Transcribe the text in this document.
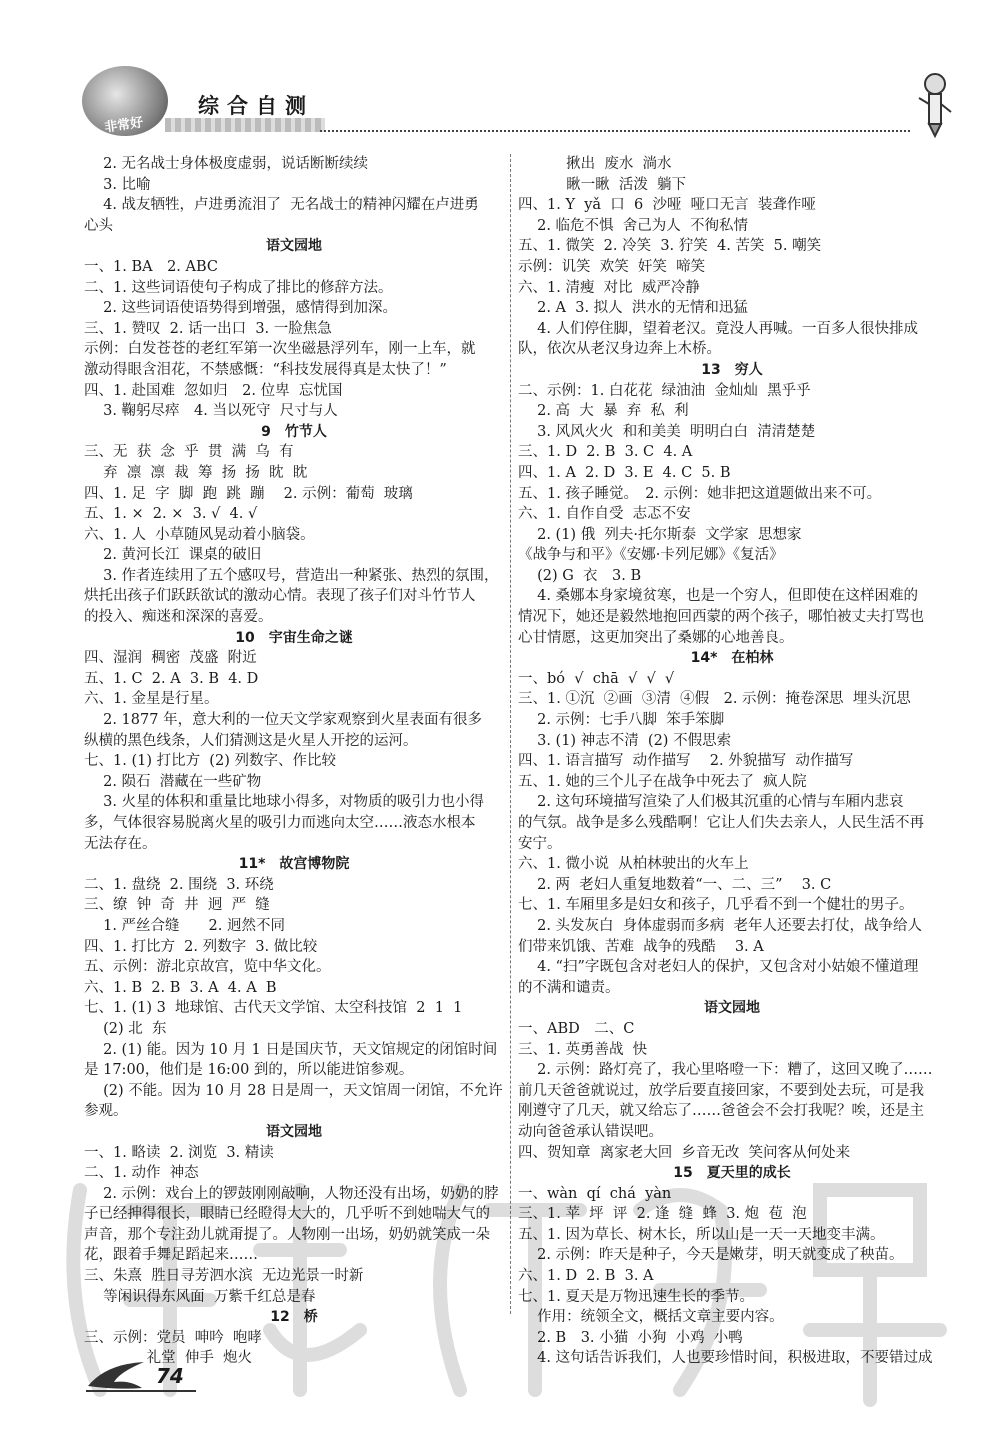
非常好
综合自测
　 2. 无名战士身体极度虚弱，说话断断续续
　 3. 比喻
　 4. 战友牺牲，卢进勇流泪了  无名战士的精神闪耀在卢进勇
心头
语文园地
一、1. BA　2. ABC
二、1. 这些词语使句子构成了排比的修辞方法。
　 2. 这些词语使语势得到增强，感情得到加深。
三、1. 赞叹  2. 话一出口  3. 一脸焦急
示例：白发苍苍的老红军第一次坐磁悬浮列车，刚一上车，就
激动得眼含泪花，不禁感慨：“科技发展得真是太快了！”
四、1. 赴国难  忽如归　2. 位卑  忘忧国
　 3. 鞠躬尽瘁　4. 当以死守  尺寸与人
9　竹节人
三、无  获  念  乎  贯  满  乌  有
　 弃  凛  凛  裁  筹  扬  扬  眈  眈
四、1. 足  字  脚  跑  跳  蹦　 2. 示例：葡萄  玻璃
五、1. ×  2. ×  3. √  4. √
六、1. 人  小草随风晃动着小脑袋。
　 2. 黄河长江  课桌的破旧
　 3. 作者连续用了五个感叹号，营造出一种紧张、热烈的氛围，
烘托出孩子们跃跃欲试的激动心情。表现了孩子们对斗竹节人
的投入、痴迷和深深的喜爱。
10　宇宙生命之谜
四、湿润  稠密  茂盛  附近
五、1. C  2. A  3. B  4. D
六、1. 金星是行星。
　 2. 1877 年，意大利的一位天文学家观察到火星表面有很多
纵横的黑色线条，人们猜测这是火星人开挖的运河。
七、1. (1) 打比方  (2) 列数字、作比较
　 2. 陨石  潜藏在一些矿物
　 3. 火星的体积和重量比地球小得多，对物质的吸引力也小得
多，气体很容易脱离火星的吸引力而逃向太空……液态水根本
无法存在。
11*　故宫博物院
二、1. 盘绕  2. 围绕  3. 环绕
三、缭  钟  奇  井  迥  严  缝
　 1. 严丝合缝　　2. 迥然不同
四、1. 打比方  2. 列数字  3. 做比较
五、示例：游北京故宫，览中华文化。
六、1. B  2. B  3. A  4. A  B
七、1. (1) 3  地球馆、古代天文学馆、太空科技馆  2  1  1
　 (2) 北  东
　 2. (1) 能。因为 10 月 1 日是国庆节，天文馆规定的闭馆时间
是 17:00，他们是 16:00 到的，所以能进馆参观。
　 (2) 不能。因为 10 月 28 日是周一，天文馆周一闭馆，不允许
参观。
语文园地
一、1. 略读  2. 浏览  3. 精读
二、1. 动作  神态
　 2. 示例：戏台上的锣鼓刚刚敲响，人物还没有出场，奶奶的脖
子已经抻得很长，眼睛已经瞪得大大的，几乎听不到她喘大气的
声音，那个专注劲儿就甭提了。人物刚一出场，奶奶就笑成一朵
花，跟着手舞足蹈起来……
三、朱熹  胜日寻芳泗水滨  无边光景一时新
　 等闲识得东风面  万紫千红总是春
12　桥
三、示例：党员  呻吟  咆哮
　　　　 礼堂  伸手  炮火
　　　 揪出  废水  淌水
　　　 瞅一瞅  活泼  躺下
四、1. Y  yǎ  口  6  沙哑  哑口无言  装聋作哑
　 2. 临危不惧  舍己为人  不徇私情
五、1. 微笑  2. 冷笑  3. 狞笑  4. 苦笑  5. 嘲笑
示例：讥笑  欢笑  奸笑  啼笑
六、1. 清瘦  对比  威严冷静
　 2. A  3. 拟人  洪水的无情和迅猛
　 4. 人们停住脚，望着老汉。竟没人再喊。一百多人很快排成
队，依次从老汉身边奔上木桥。
13　穷人
二、示例：1. 白花花  绿油油  金灿灿  黑乎乎
　 2. 高  大  暴  弃  私  利
　 3. 风风火火  和和美美  明明白白  清清楚楚
三、1. D  2. B  3. C  4. A
四、1. A  2. D  3. E  4. C  5. B
五、1. 孩子睡觉。　2. 示例：她非把这道题做出来不可。
六、1. 自作自受  志忑不安
　 2. (1) 俄  列夫·托尔斯泰  文学家  思想家
《战争与和平》《安娜·卡列尼娜》《复活》
　 (2) G  衣　3. B
　 4. 桑娜本身家境贫寒，也是一个穷人，但即使在这样困难的
情况下，她还是毅然地抱回西蒙的两个孩子，哪怕被丈夫打骂也
心甘情愿，这更加突出了桑娜的心地善良。
14*　在柏林
一、bó  √  chā  √  √  √
三、1. ①沉  ②画  ③清  ④假　2. 示例：掩卷深思  埋头沉思
　 2. 示例：七手八脚  笨手笨脚
　 3. (1) 神志不清  (2) 不假思索
四、1. 语言描写  动作描写　 2. 外貌描写  动作描写
五、1. 她的三个儿子在战争中死去了  疯人院
　 2. 这句环境描写渲染了人们极其沉重的心情与车厢内悲哀
的气氛。战争是多么残酷啊！它让人们失去亲人，人民生活不再
安宁。
六、1. 微小说  从柏林驶出的火车上
　 2. 两  老妇人重复地数着“一、二、三”　 3. C
七、1. 车厢里多是妇女和孩子，几乎看不到一个健壮的男子。
　 2. 头发灰白  身体虚弱而多病  老年人还要去打仗，战争给人
们带来饥饿、苦难  战争的残酷　 3. A
　 4. “扫”字既包含对老妇人的保护，又包含对小姑娘不懂道理
的不满和谴责。
语文园地
一、ABD　二、C
三、1. 英勇善战  快
　 2. 示例：路灯亮了，我心里咯噔一下：糟了，这回又晚了……
前几天爸爸就说过，放学后要直接回家，不要到处去玩，可是我
刚遵守了几天，就又给忘了……爸爸会不会打我呢？唉，还是主
动向爸爸承认错误吧。
四、贺知章  离家老大回  乡音无改  笑问客从何处来
15　夏天里的成长
一、wàn  qí  chá  yàn
三、1. 苹  坪  评  2. 逢  缝  蜂  3. 炮  苞  泡
五、1. 因为草长、树木长，所以山是一天一天地变丰满。
　 2. 示例：昨天是种子，今天是嫩芽，明天就变成了秧苗。
六、1. D  2. B  3. A
七、1. 夏天是万物迅速生长的季节。
　 作用：统领全文，概括文章主要内容。
　 2. B　3. 小猫  小狗  小鸡  小鸭
　 4. 这句话告诉我们，人也要珍惜时间，积极进取，不要错过成
74
